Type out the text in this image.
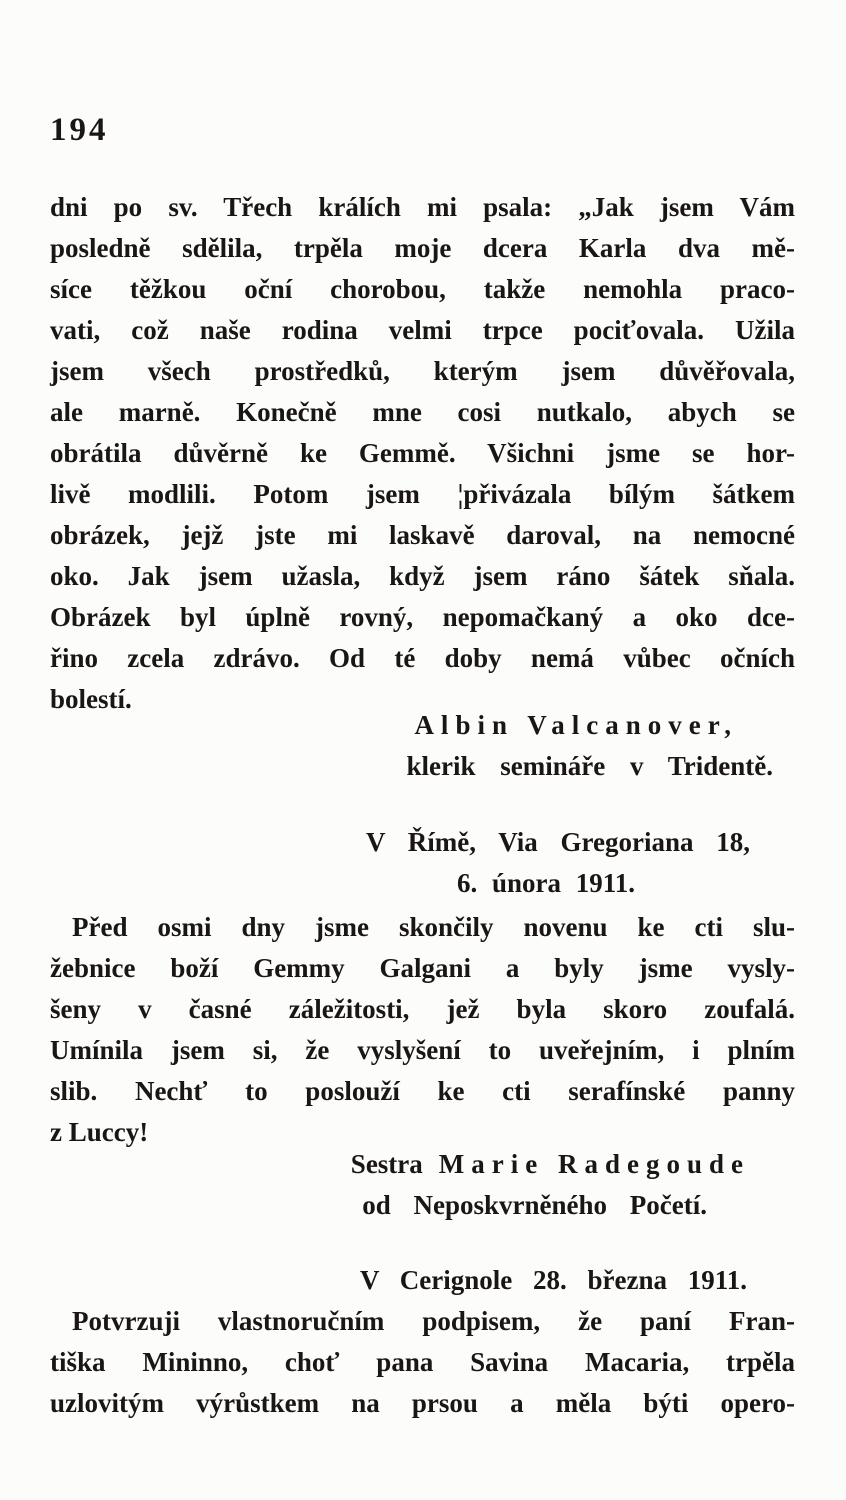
194
dni po sv. Třech králích mi psala: „Jak jsem Vám
posledně sdělila, trpěla moje dcera Karla dva mě-
síce těžkou oční chorobou, takže nemohla praco-
vati, což naše rodina velmi trpce pociťovala. Užila
jsem všech prostředků, kterým jsem důvěřovala,
ale marně. Konečně mne cosi nutkalo, abych se
obrátila důvěrně ke Gemmě. Všichni jsme se hor-
livě modlili. Potom jsem ¦přivázala bílým šátkem
obrázek, jejž jste mi laskavě daroval, na nemocné
oko. Jak jsem užasla, když jsem ráno šátek sňala.
Obrázek byl úplně rovný, nepomačkaný a oko dce-
řino zcela zdrávo. Od té doby nemá vůbec očních
bolestí.
Albin Valcanover,
klerik semináře v Tridentě.
V Římě, Via Gregoriana 18,
6. února 1911.
Před osmi dny jsme skončily novenu ke cti slu-
žebnice boží Gemmy Galgani a byly jsme vysly-
šeny v časné záležitosti, jež byla skoro zoufalá.
Umínila jsem si, že vyslyšení to uveřejním, i plním
slib. Nechť to poslouží ke cti serafínské panny
z Luccy!
Sestra Marie Radegoude
od Neposkvrněného Početí.
V Cerignole 28. března 1911.
Potvrzuji vlastnoručním podpisem, že paní Fran-
tiška Mininno, choť pana Savina Macaria, trpěla
uzlovitým výrůstkem na prsou a měla býti opero-
